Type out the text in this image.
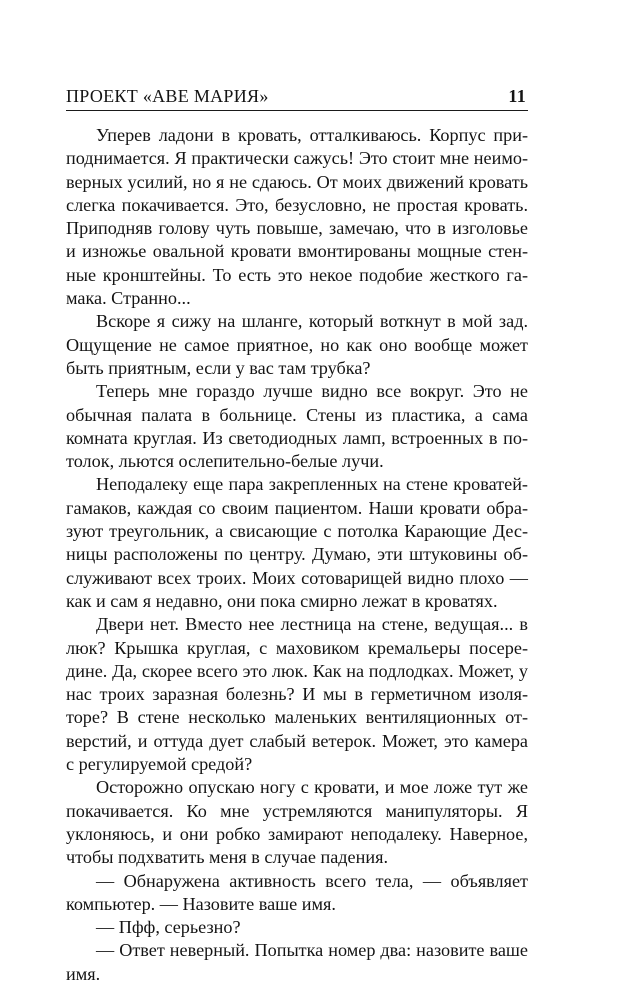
ПРОЕКТ «АВЕ МАРИЯ»	11

Уперев ладони в кровать, отталкиваюсь. Корпус приподнимается. Я практически сажусь! Это стоит мне неимоверных усилий, но я не сдаюсь. От моих движений кровать слегка покачивается. Это, безусловно, не простая кровать. Приподняв голову чуть повыше, замечаю, что в изголовье и изножье овальной кровати вмонтированы мощные стенные кронштейны. То есть это некое подобие жесткого гамака. Странно...

Вскоре я сижу на шланге, который воткнут в мой зад. Ощущение не самое приятное, но как оно вообще может быть приятным, если у вас там трубка?

Теперь мне гораздо лучше видно все вокруг. Это не обычная палата в больнице. Стены из пластика, а сама комната круглая. Из светодиодных ламп, встроенных в потолок, льются ослепительно-белые лучи.

Неподалеку еще пара закрепленных на стене кроватей-гамаков, каждая со своим пациентом. Наши кровати образуют треугольник, а свисающие с потолка Карающие Десницы расположены по центру. Думаю, эти штуковины обслуживают всех троих. Моих сотоварищей видно плохо — как и сам я недавно, они пока смирно лежат в кроватях.

Двери нет. Вместо нее лестница на стене, ведущая... в люк? Крышка круглая, с маховиком кремальеры посередине. Да, скорее всего это люк. Как на подлодках. Может, у нас троих заразная болезнь? И мы в герметичном изоляторе? В стене несколько маленьких вентиляционных отверстий, и оттуда дует слабый ветерок. Может, это камера с регулируемой средой?

Осторожно опускаю ногу с кровати, и мое ложе тут же покачивается. Ко мне устремляются манипуляторы. Я уклоняюсь, и они робко замирают неподалеку. Наверное, чтобы подхватить меня в случае падения.

— Обнаружена активность всего тела, — объявляет компьютер. — Назовите ваше имя.

— Пфф, серьезно?

— Ответ неверный. Попытка номер два: назовите ваше имя.
